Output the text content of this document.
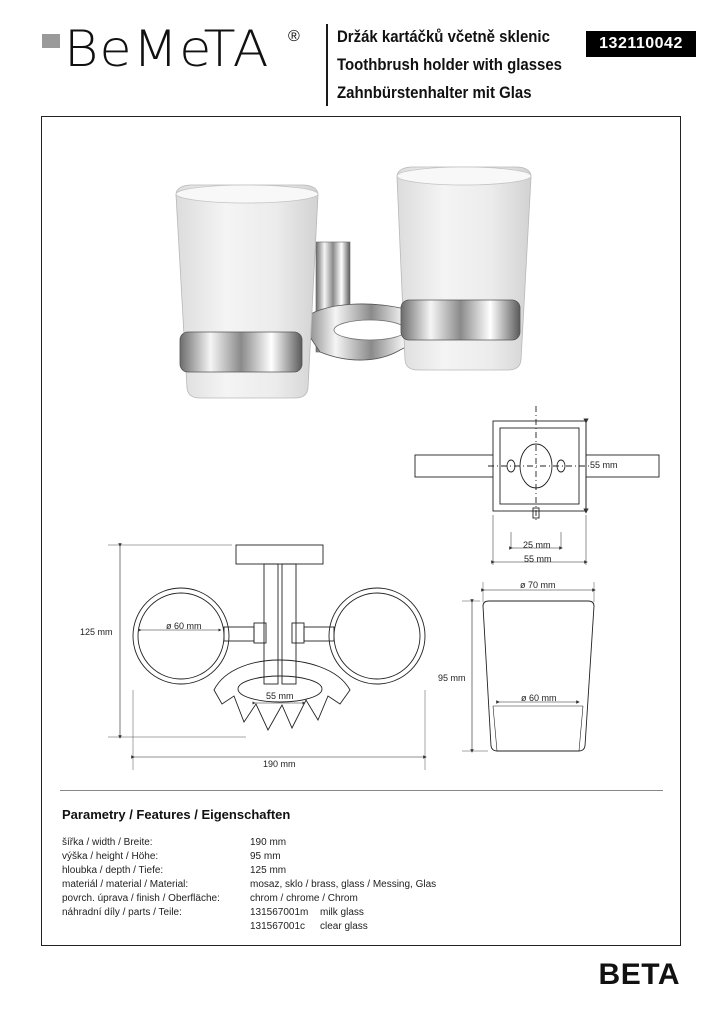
BeMeTA ® Držák kartáčků včetně sklenic
Toothbrush holder with glasses
Zahnbürstenhalter mit Glas
132110042
55 mm
25 mm
55 mm
ø 60 mm
55 mm
125 mm
190 mm
ø 70 mm
ø 60 mm
95 mm
Parametry / Features / Eigenschaften
šířka / width / Breite:	190 mm
výška / height / Höhe:	95 mm
hloubka / depth / Tiefe:	125 mm
materiál / material / Material:	mosaz, sklo / brass, glass / Messing, Glas
povrch. úprava / finish / Oberfläche:	chrom / chrome / Chrom
náhradní díly / parts / Teile:	131567001m milk glass
131567001c clear glass
BETA
